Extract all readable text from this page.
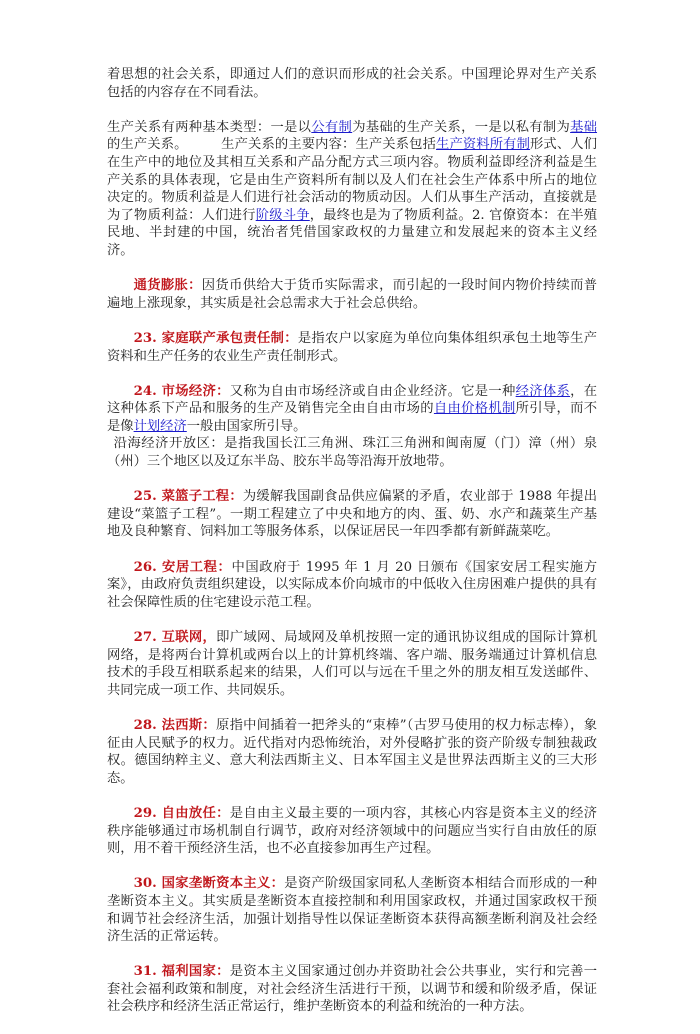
着思想的社会关系，即通过人们的意识而形成的社会关系。中国理论界对生产关系包括的内容存在不同看法。

生产关系有两种基本类型：一是以公有制为基础的生产关系，一是以私有制为基础的生产关系。　　　生产关系的主要内容：生产关系包括生产资料所有制形式、人们在生产中的地位及其相互关系和产品分配方式三项内容。物质利益即经济利益是生产关系的具体表现，它是由生产资料所有制以及人们在社会生产体系中所占的地位决定的。物质利益是人们进行社会活动的物质动因。人们从事生产活动，直接就是为了物质利益：人们进行阶级斗争，最终也是为了物质利益。2. 官僚资本：在半殖民地、半封建的中国，统治者凭借国家政权的力量建立和发展起来的资本主义经济。

通货膨胀：因货币供给大于货币实际需求，而引起的一段时间内物价持续而普遍地上涨现象，其实质是社会总需求大于社会总供给。

23. 家庭联产承包责任制：是指农户以家庭为单位向集体组织承包土地等生产资料和生产任务的农业生产责任制形式。

24. 市场经济：又称为自由市场经济或自由企业经济。它是一种经济体系，在这种体系下产品和服务的生产及销售完全由自由市场的自由价格机制所引导，而不是像计划经济一般由国家所引导。

沿海经济开放区：是指我国长江三角洲、珠江三角洲和闽南厦（门）漳（州）泉（州）三个地区以及辽东半岛、胶东半岛等沿海开放地带。

25. 菜篮子工程：为缓解我国副食品供应偏紧的矛盾，农业部于 1988 年提出建设“菜篮子工程”。一期工程建立了中央和地方的肉、蛋、奶、水产和蔬菜生产基地及良种繁育、饲料加工等服务体系，以保证居民一年四季都有新鲜蔬菜吃。

26. 安居工程：中国政府于 1995 年 1 月 20 日颁布《国家安居工程实施方案》，由政府负责组织建设，以实际成本价向城市的中低收入住房困难户提供的具有社会保障性质的住宅建设示范工程。

27. 互联网，即广域网、局域网及单机按照一定的通讯协议组成的国际计算机网络，是将两台计算机或两台以上的计算机终端、客户端、服务端通过计算机信息技术的手段互相联系起来的结果，人们可以与远在千里之外的朋友相互发送邮件、共同完成一项工作、共同娱乐。

28. 法西斯：原指中间插着一把斧头的“束棒”（古罗马使用的权力标志棒），象征由人民赋予的权力。近代指对内恐怖统治，对外侵略扩张的资产阶级专制独裁政权。德国纳粹主义、意大利法西斯主义、日本军国主义是世界法西斯主义的三大形态。

29. 自由放任：是自由主义最主要的一项内容，其核心内容是资本主义的经济秩序能够通过市场机制自行调节，政府对经济领域中的问题应当实行自由放任的原则，用不着干预经济生活，也不必直接参加再生产过程。

30. 国家垄断资本主义：是资产阶级国家同私人垄断资本相结合而形成的一种垄断资本主义。其实质是垄断资本直接控制和利用国家政权，并通过国家政权干预和调节社会经济生活，加强计划指导性以保证垄断资本获得高额垄断利润及社会经济生活的正常运转。

31. 福利国家：是资本主义国家通过创办并资助社会公共事业，实行和完善一套社会福利政策和制度，对社会经济生活进行干预，以调节和缓和阶级矛盾，保证社会秩序和经济生活正常运行，维护垄断资本的利益和统治的一种方法。
